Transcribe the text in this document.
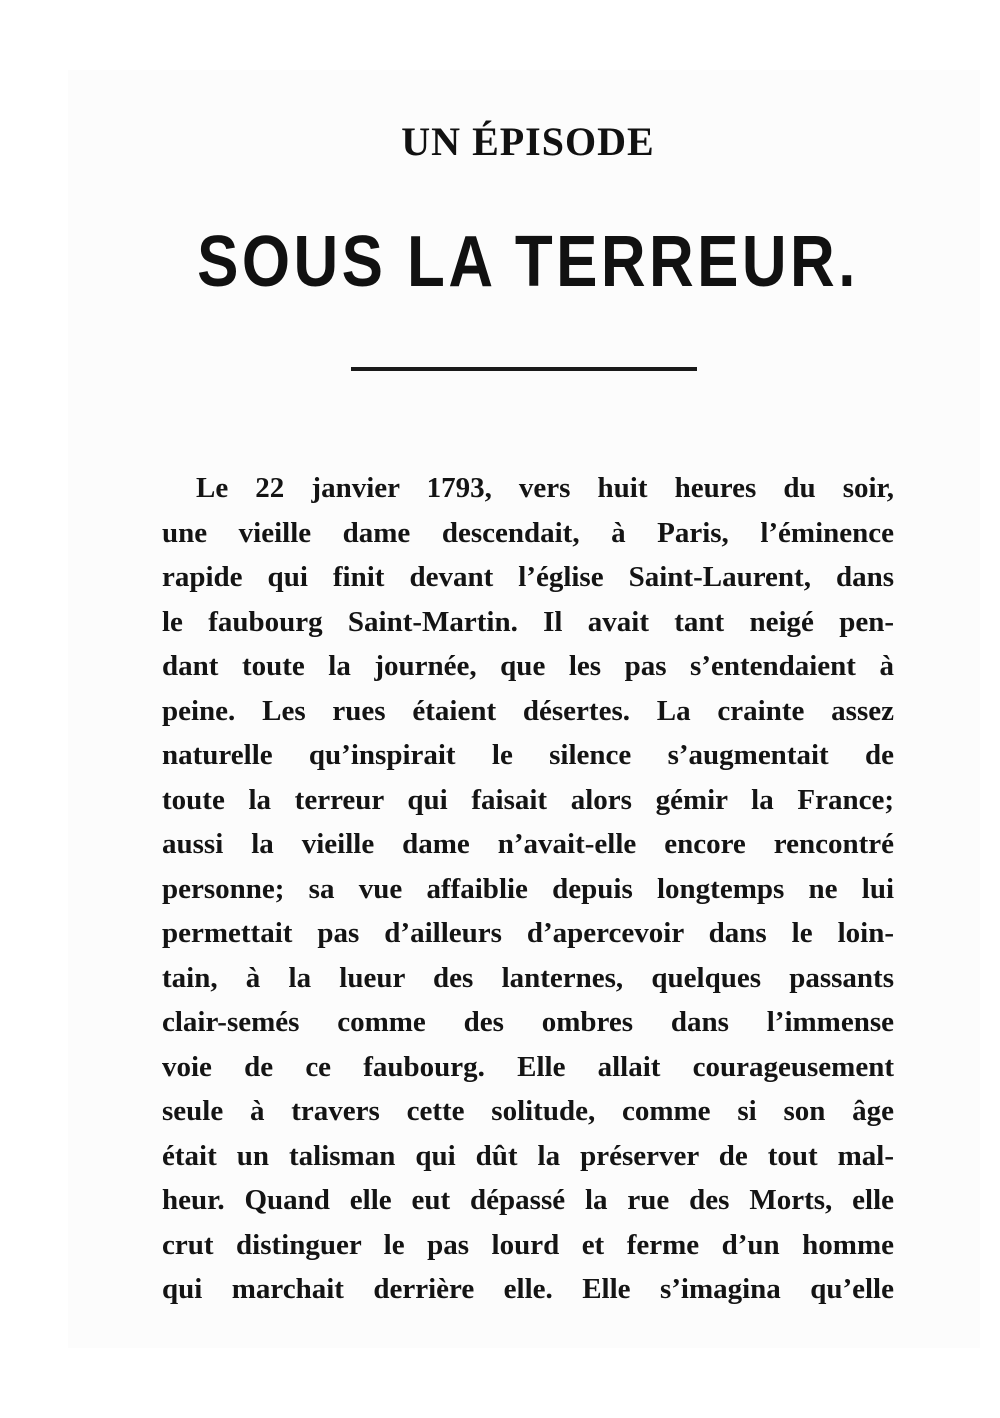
UN ÉPISODE
SOUS LA TERREUR.
Le 22 janvier 1793, vers huit heures du soir,
une vieille dame descendait, à Paris, l’éminence
rapide qui finit devant l’église Saint-Laurent, dans
le faubourg Saint-Martin. Il avait tant neigé pen-
dant toute la journée, que les pas s’entendaient à
peine. Les rues étaient désertes. La crainte assez
naturelle qu’inspirait le silence s’augmentait de
toute la terreur qui faisait alors gémir la France;
aussi la vieille dame n’avait-elle encore rencontré
personne; sa vue affaiblie depuis longtemps ne lui
permettait pas d’ailleurs d’apercevoir dans le loin-
tain, à la lueur des lanternes, quelques passants
clair-semés comme des ombres dans l’immense
voie de ce faubourg. Elle allait courageusement
seule à travers cette solitude, comme si son âge
était un talisman qui dût la préserver de tout mal-
heur. Quand elle eut dépassé la rue des Morts, elle
crut distinguer le pas lourd et ferme d’un homme
qui marchait derrière elle. Elle s’imagina qu’elle
